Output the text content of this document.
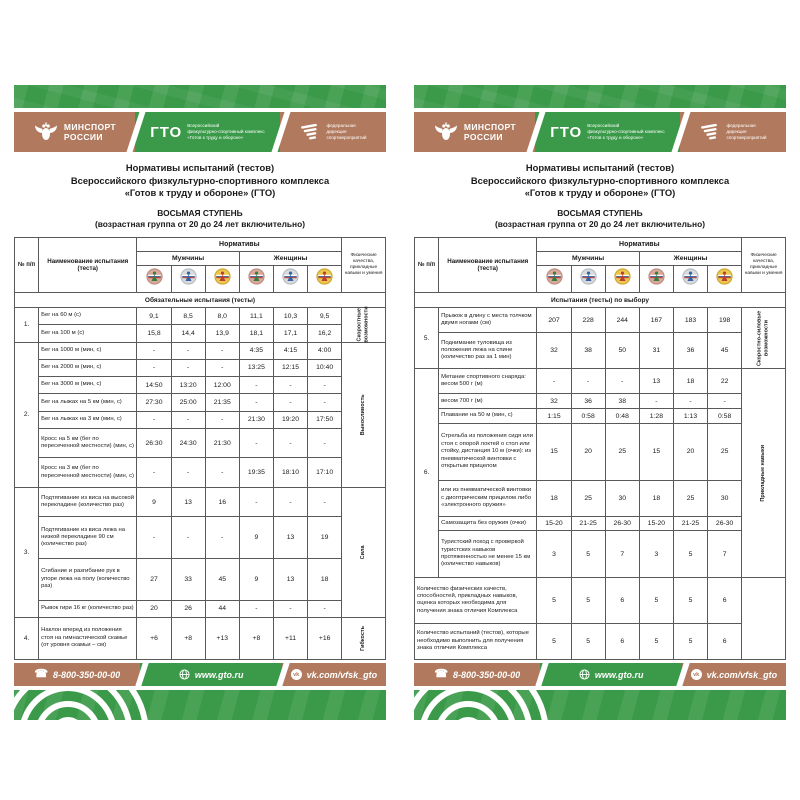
МИНСПОРТ
РОССИИ	ГТО Всероссийский
физкультурно-спортивный комплекс
«Готов к труду и обороне»
федеральная
дирекция
спортмероприятий
Нормативы испытаний (тестов)
Всероссийского физкультурно-спортивного комплекса
«Готов к труду и обороне» (ГТО)
ВОСЬМАЯ СТУПЕНЬ
(возрастная группа от 20 до 24 лет включительно)
№ п/п	Наименование испытания (теста)	Нормативы						Физические качества, прикладные навыки и умения
		Мужчины			Женщины			

Обязательные испытания (тесты)								
1.	Бег на 60 м (с)	9,1	8,5	8,0	11,1	10,3	9,5	Скоростные возможности

	Бег на 100 м (с)	15,8	14,4	13,9	18,1	17,1	16,2	
2.	Бег на 1000 м (мин, с)	-	-	-	4:35	4:15	4:00	Выносливость

	Бег на 2000 м (мин, с)	-	-	-	13:25	12:15	10:40	
	Бег на 3000 м (мин, с)	14:50	13:20	12:00	-	-	-	
	Бег на лыжах на 5 км (мин, с)	27:30	25:00	21:35	-	-	-	
	Бег на лыжах на 3 км (мин, с)	-	-	-	21:30	19:20	17:50	
	Кросс на 5 км (бег по пересеченной местности) (мин, с)	26:30	24:30	21:30	-	-	-	
	Кросс на 3 км (бег по пересеченной местности) (мин, с)	-	-	-	19:35	18:10	17:10	
3.	Подтягивание из виса на высокой перекладине (количество раз)	9	13	16	-	-	-	Сила

	Подтягивание из виса лежа на низкой перекладине 90 см (количество раз)	-	-	-	9	13	19	
	Сгибание и разгибание рук в упоре лежа на полу (количество раз)	27	33	45	9	13	18	
	Рывок гири 16 кг (количество раз)	20	26	44	-	-	-	
4.	Наклон вперед из положения стоя на гимнастической скамье (от уровня скамьи – см)	+6	+8	+13	+8	+11	+16	Гибкость
☎ 8-800-350-00-00	www.gto.ru	vk vk.com/vfsk_gto
МИНСПОРТ
РОССИИ	ГТО Всероссийский
физкультурно-спортивный комплекс
«Готов к труду и обороне»
федеральная
дирекция
спортмероприятий
Нормативы испытаний (тестов)
Всероссийского физкультурно-спортивного комплекса
«Готов к труду и обороне» (ГТО)
ВОСЬМАЯ СТУПЕНЬ
(возрастная группа от 20 до 24 лет включительно)
№ п/п	Наименование испытания (теста)	Нормативы						Физические качества, прикладные навыки и умения
		Мужчины			Женщины			

Испытания (тесты) по выбору								
5.	Прыжок в длину с места толчком двумя ногами (см)	207	228	244	167	183	198	Скоростно-силовые возможности

	Поднимание туловища из положения лежа на спине (количество раз за 1 мин)	32	38	50	31	36	45	
6.	Метание спортивного снаряда: весом 500 г (м)	-	-	-	13	18	22	Прикладные навыки

	весом 700 г (м)	32	36	38	-	-	-	
	Плавание на 50 м (мин, с)	1:15	0:58	0:48	1:28	1:13	0:58	
	Стрельба из положения сидя или стоя с опорой локтей о стол или стойку, дистанция 10 м (очки): из пневматической винтовки с открытым прицелом	15	20	25	15	20	25	
	или из пневматической винтовки с диоптрическим прицелом либо «электронного оружия»	18	25	30	18	25	30	
	Самозащита без оружия (очки)	15-20	21-25	26-30	15-20	21-25	26-30	
	Туристский поход с проверкой туристских навыков протяженностью не менее 15 км (количество навыков)	3	5	7	3	5	7	
Количество физических качеств, способностей, прикладных навыков, оценка которых необходима для получения знака отличия Комплекса		5	5	6	5	5	6	
Количество испытаний (тестов), которые необходимо выполнить для получения знака отличия Комплекса		5	5	6	5	5	6	
☎ 8-800-350-00-00	www.gto.ru	vk vk.com/vfsk_gto
